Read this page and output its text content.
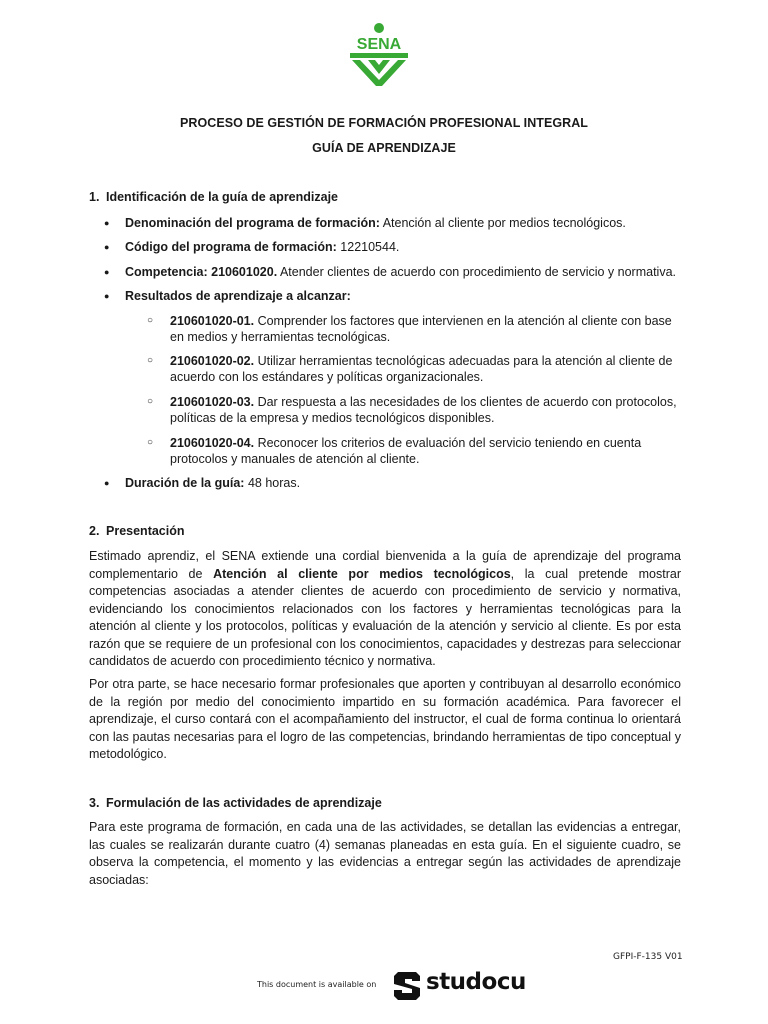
SENA
PROCESO DE GESTIÓN DE FORMACIÓN PROFESIONAL INTEGRAL
GUÍA DE APRENDIZAJE
1. Identificación de la guía de aprendizaje
● Denominación del programa de formación: Atención al cliente por medios tecnológicos.
● Código del programa de formación: 12210544.
● Competencia: 210601020. Atender clientes de acuerdo con procedimiento de servicio y normativa.
● Resultados de aprendizaje a alcanzar:
○ 210601020-01. Comprender los factores que intervienen en la atención al cliente con base en medios y herramientas tecnológicas.
○ 210601020-02. Utilizar herramientas tecnológicas adecuadas para la atención al cliente de acuerdo con los estándares y políticas organizacionales.
○ 210601020-03. Dar respuesta a las necesidades de los clientes de acuerdo con protocolos, políticas de la empresa y medios tecnológicos disponibles.
○ 210601020-04. Reconocer los criterios de evaluación del servicio teniendo en cuenta protocolos y manuales de atención al cliente.
● Duración de la guía: 48 horas.
2. Presentación
Estimado aprendiz, el SENA extiende una cordial bienvenida a la guía de aprendizaje del programa complementario de Atención al cliente por medios tecnológicos, la cual pretende mostrar competencias asociadas a atender clientes de acuerdo con procedimiento de servicio y normativa, evidenciando los conocimientos relacionados con los factores y herramientas tecnológicas para la atención al cliente y los protocolos, políticas y evaluación de la atención y servicio al cliente. Es por esta razón que se requiere de un profesional con los conocimientos, capacidades y destrezas para seleccionar candidatos de acuerdo con procedimiento técnico y normativa.
Por otra parte, se hace necesario formar profesionales que aporten y contribuyan al desarrollo económico de la región por medio del conocimiento impartido en su formación académica. Para favorecer el aprendizaje, el curso contará con el acompañamiento del instructor, el cual de forma continua lo orientará con las pautas necesarias para el logro de las competencias, brindando herramientas de tipo conceptual y metodológico.
3. Formulación de las actividades de aprendizaje
Para este programa de formación, en cada una de las actividades, se detallan las evidencias a entregar, las cuales se realizarán durante cuatro (4) semanas planeadas en esta guía. En el siguiente cuadro, se observa la competencia, el momento y las evidencias a entregar según las actividades de aprendizaje asociadas:
GFPI-F-135 V01
This document is available on studocu
